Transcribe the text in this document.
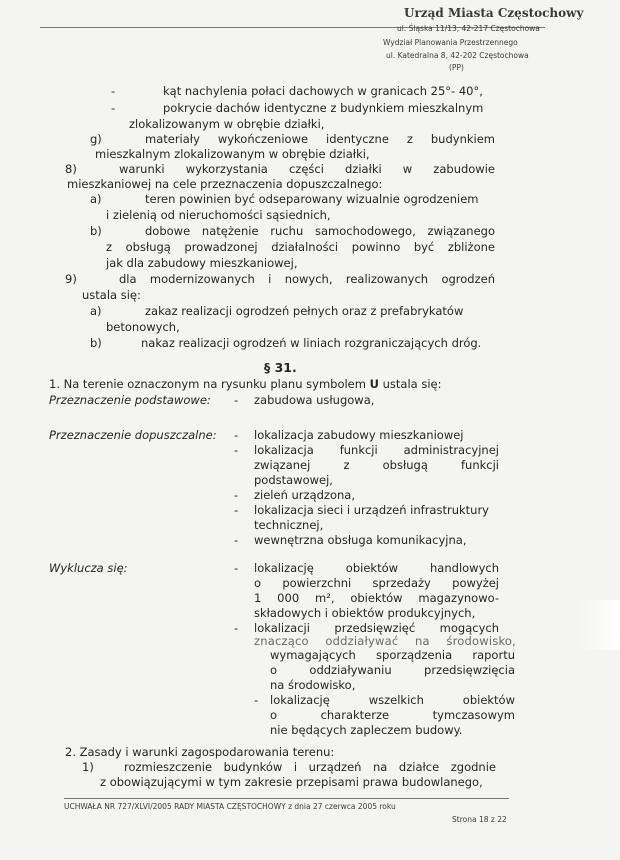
Urząd Miasta Częstochowy
ul. Śląska 11/13, 42-217 Częstochowa
Wydział Planowania Przestrzennego
ul. Katedralna 8, 42-202 Częstochowa
(PP)
-	kąt nachylenia połaci dachowych w granicach 25°- 40°,
-	pokrycie dachów identyczne z budynkiem mieszkalnym
zlokalizowanym w obrębie działki,
g)	materiały wykończeniowe identyczne z budynkiem
mieszkalnym zlokalizowanym w obrębie działki,
8)	warunki wykorzystania części działki w zabudowie
mieszkaniowej na cele przeznaczenia dopuszczalnego:
a)	teren powinien być odseparowany wizualnie ogrodzeniem
i zielenią od nieruchomości sąsiednich,
b)	dobowe natężenie ruchu samochodowego, związanego
z obsługą prowadzonej działalności powinno być zbliżone
jak dla zabudowy mieszkaniowej,
9)	dla modernizowanych i nowych, realizowanych ogrodzeń
ustala się:
a)	zakaz realizacji ogrodzeń pełnych oraz z prefabrykatów
betonowych,
b)	nakaz realizacji ogrodzeń w liniach rozgraniczających dróg.
§ 31.
1. Na terenie oznaczonym na rysunku planu symbolem U ustala się:
Przeznaczenie podstawowe: - zabudowa usługowa,
Przeznaczenie dopuszczalne: - lokalizacja zabudowy mieszkaniowej
- lokalizacja funkcji administracyjnej
związanej z obsługą funkcji
podstawowej,
- zieleń urządzona,
- lokalizacja sieci i urządzeń infrastruktury
technicznej,
- wewnętrzna obsługa komunikacyjna,
Wyklucza się:	- lokalizację obiektów handlowych
o powierzchni sprzedaży powyżej
1 000 m², obiektów magazynowo-
składowych i obiektów produkcyjnych,
- lokalizacji przedsięwzięć mogących
znacząco oddziaływać na środowisko,
wymagających sporządzenia raportu
o oddziaływaniu przedsięwzięcia
na środowisko,
- lokalizację wszelkich obiektów
o charakterze tymczasowym
nie będących zapleczem budowy.
2. Zasady i warunki zagospodarowania terenu:
1)	rozmieszczenie budynków i urządzeń na działce zgodnie
z obowiązującymi w tym zakresie przepisami prawa budowlanego,
UCHWAŁA NR 727/XLVI/2005 RADY MIASTA CZĘSTOCHOWY z dnia 27 czerwca 2005 roku
Strona 18 z 22
